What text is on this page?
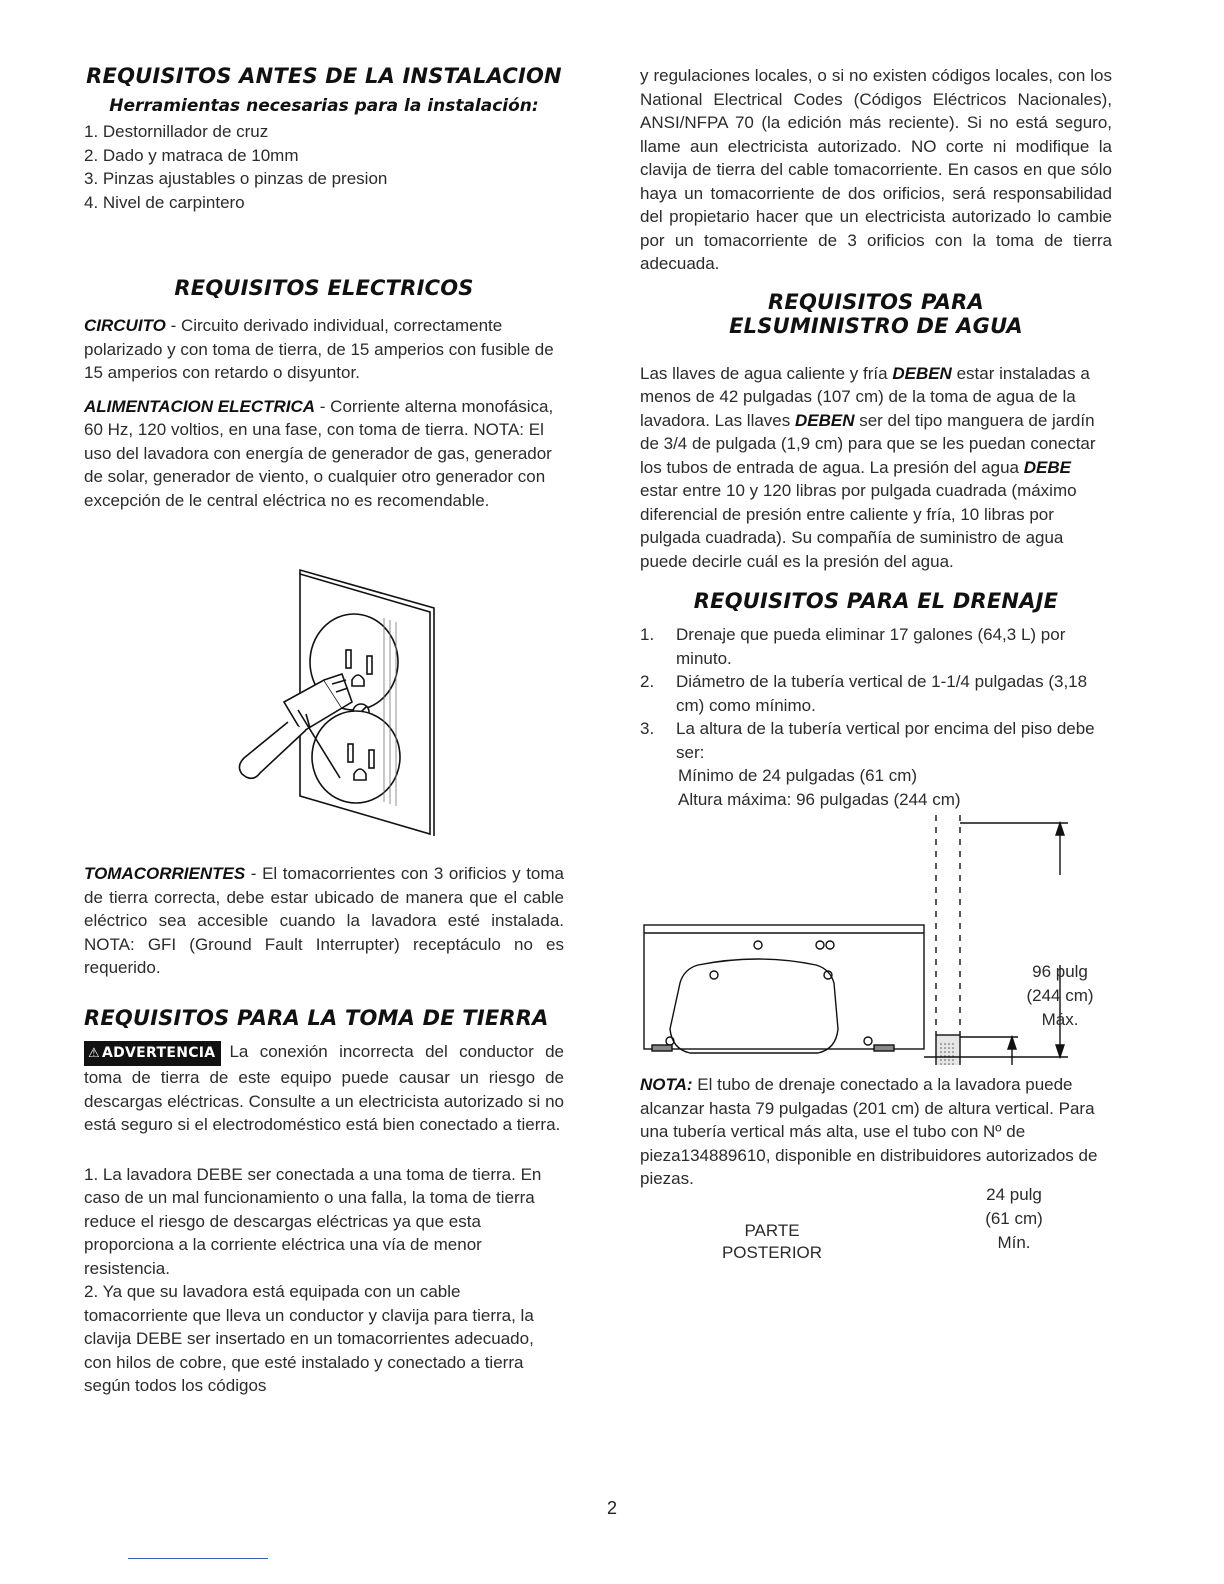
REQUISITOS ANTES DE LA INSTALACION
Herramientas necesarias para la instalación:
1. Destornillador de cruz
2. Dado y matraca de 10mm
3. Pinzas ajustables o pinzas de presion
4. Nivel de carpintero
REQUISITOS ELECTRICOS

CIRCUITO - Circuito derivado individual, correctamente polarizado y con toma de tierra, de 15 amperios con fusible de 15 amperios con retardo o disyuntor.

ALIMENTACION ELECTRICA - Corriente alterna monofásica, 60 Hz, 120 voltios, en una fase, con toma de tierra. NOTA: El uso del lavadora con energía de generador de gas, generador de solar, generador de viento, o cualquier otro generador con excepción de le central eléctrica no es recomendable.

TOMACORRIENTES - El tomacorrientes con 3 orificios y toma de tierra correcta, debe estar ubicado de manera que el cable eléctrico sea accesible cuando la lavadora esté instalada. NOTA: GFI (Ground Fault Interrupter) receptáculo no es requerido.

REQUISITOS PARA LA TOMA DE TIERRA

⚠ ADVERTENCIA La conexión incorrecta del conductor de toma de tierra de este equipo puede causar un riesgo de descargas eléctricas. Consulte a un electricista autorizado si no está seguro si el electrodoméstico está bien conectado a tierra.

1. La lavadora DEBE ser conectada a una toma de tierra. En caso de un mal funcionamiento o una falla, la toma de tierra reduce el riesgo de descargas eléctricas ya que esta proporciona a la corriente eléctrica una vía de menor resistencia.

2. Ya que su lavadora está equipada con un cable tomacorriente que lleva un conductor y clavija para tierra, la clavija DEBE ser insertado en un tomacorrientes adecuado, con hilos de cobre, que esté instalado y conectado a tierra según todos los códigos

y regulaciones locales, o si no existen códigos locales, con los National Electrical Codes (Códigos Eléctricos Nacionales), ANSI/NFPA 70 (la edición más reciente). Si no está seguro, llame aun electricista autorizado. NO corte ni modifique la clavija de tierra del cable tomacorriente. En casos en que sólo haya un tomacorriente de dos orificios, será responsabilidad del propietario hacer que un electricista autorizado lo cambie por un tomacorriente de 3 orificios con la toma de tierra adecuada.

REQUISITOS PARA
ELSUMINISTRO DE AGUA

Las llaves de agua caliente y fría DEBEN estar instaladas a menos de 42 pulgadas (107 cm) de la toma de agua de la lavadora. Las llaves DEBEN ser del tipo manguera de jardín de 3/4 de pulgada (1,9 cm) para que se les puedan conectar los tubos de entrada de agua. La presión del agua DEBE estar entre 10 y 120 libras por pulgada cuadrada (máximo diferencial de presión entre caliente y fría, 10 libras por pulgada cuadrada). Su compañía de suministro de agua puede decirle cuál es la presión del agua.

REQUISITOS PARA EL DRENAJE
1.	Drenaje que pueda eliminar 17 galones (64,3 L) por minuto.
2.	Diámetro de la tubería vertical de 1-1/4 pulgadas (3,18 cm) como mínimo.
3.	La altura de la tubería vertical por encima del piso debe ser:
Mínimo de 24 pulgadas (61 cm)
Altura máxima: 96 pulgadas (244 cm)

NOTA: El tubo de drenaje conectado a la lavadora puede alcanzar hasta 79 pulgadas (201 cm) de altura vertical. Para una tubería vertical más alta, use el tubo con Nº de pieza134889610, disponible en distribuidores autorizados de piezas.

96 pulg
(244 cm)
Máx.
24 pulg
(61 cm)
Mín.
PARTE
POSTERIOR
2
